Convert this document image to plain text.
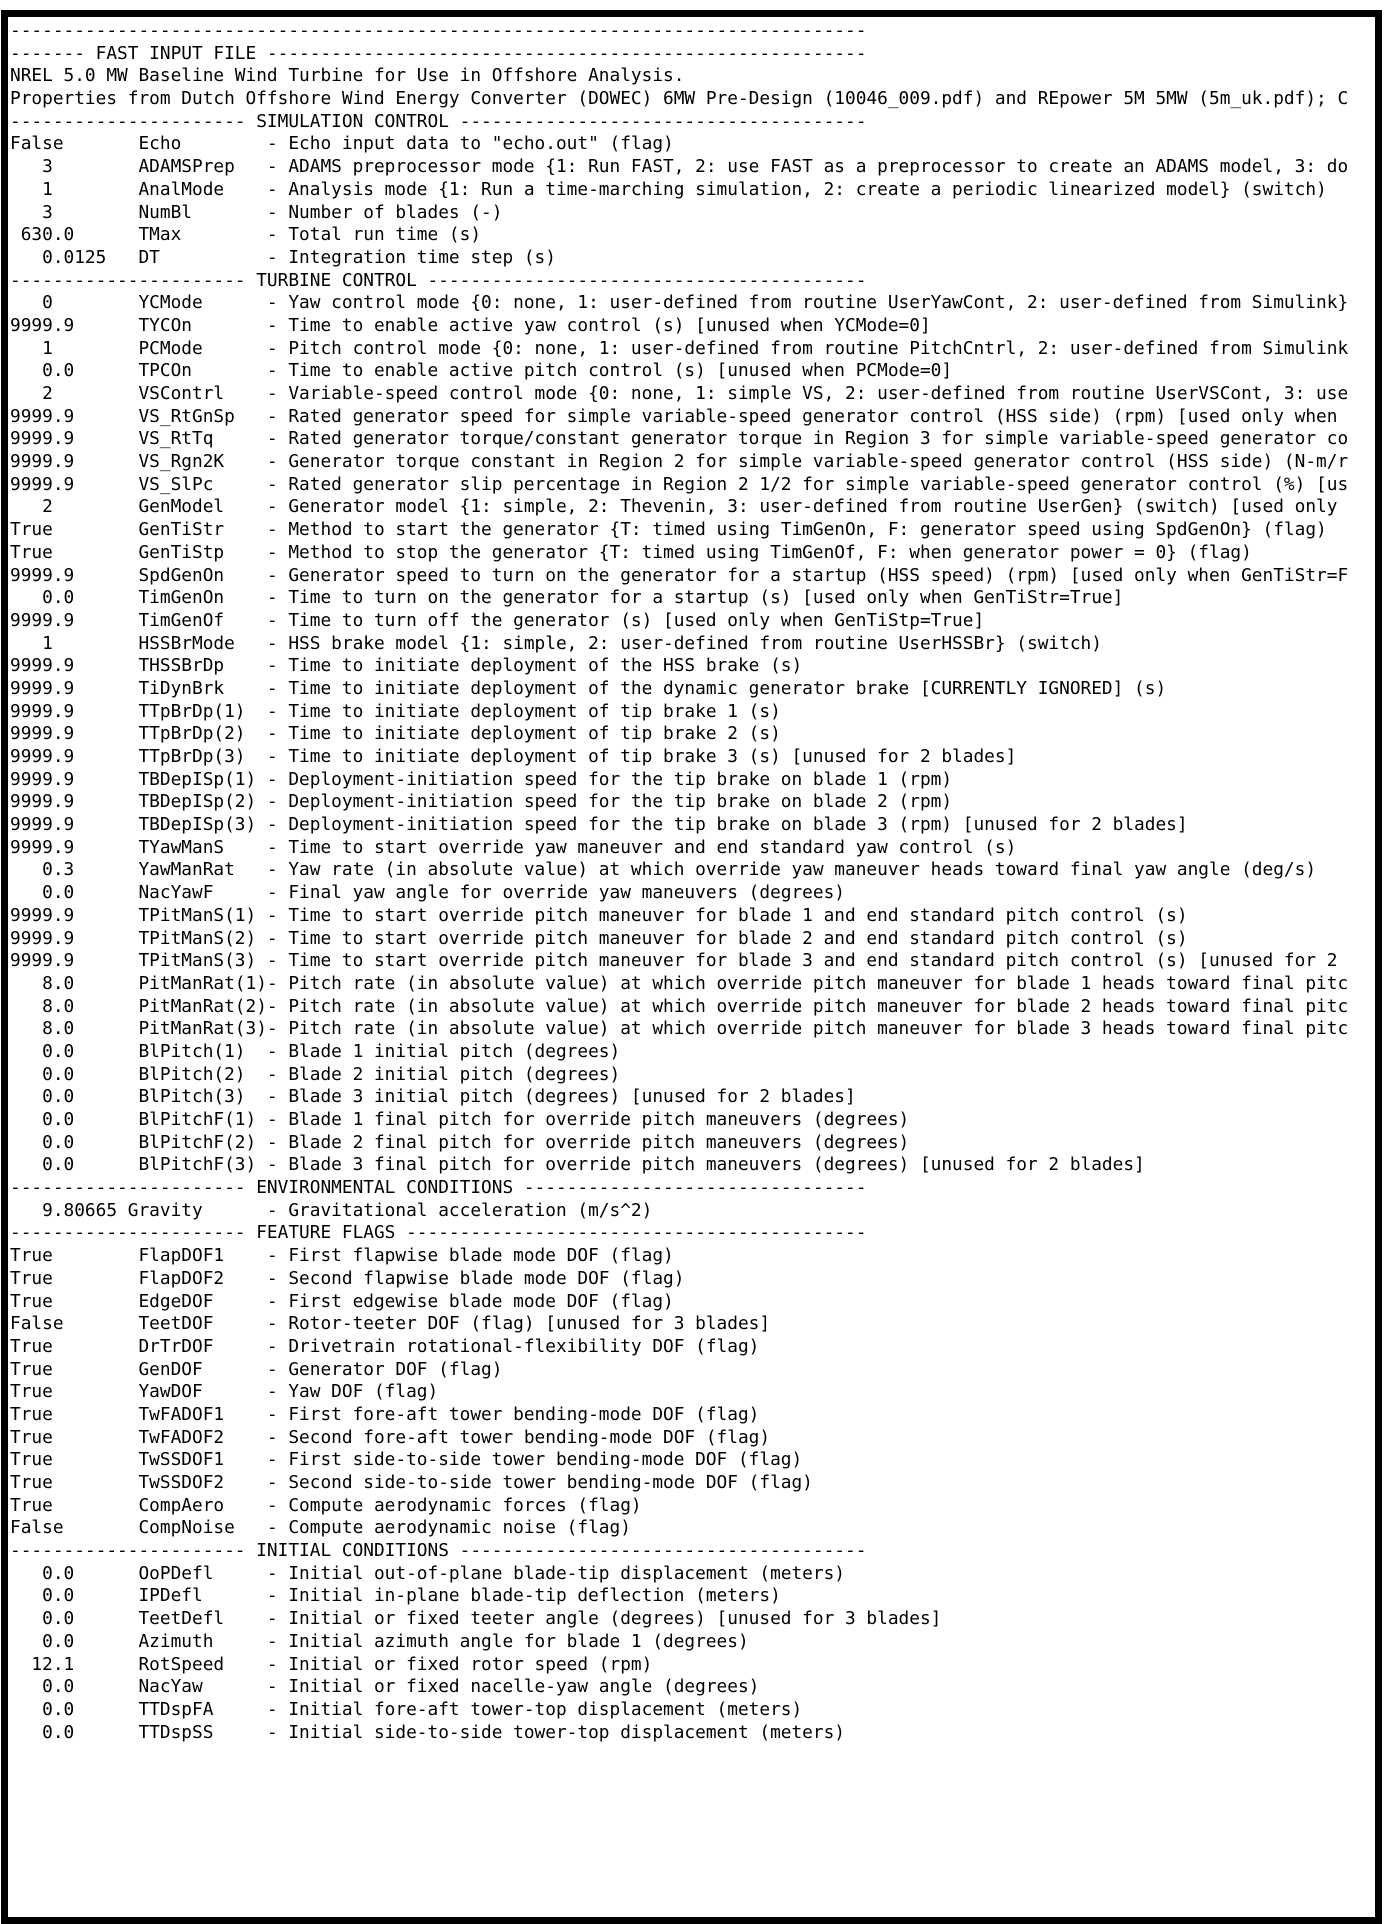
--------------------------------------------------------------------------------
------- FAST INPUT FILE --------------------------------------------------------
NREL 5.0 MW Baseline Wind Turbine for Use in Offshore Analysis.
Properties from Dutch Offshore Wind Energy Converter (DOWEC) 6MW Pre-Design (10046_009.pdf) and REpower 5M 5MW (5m_uk.pdf); C
---------------------- SIMULATION CONTROL --------------------------------------
False       Echo        - Echo input data to "echo.out" (flag)
3        ADAMSPrep   - ADAMS preprocessor mode {1: Run FAST, 2: use FAST as a preprocessor to create an ADAMS model, 3: do
1        AnalMode    - Analysis mode {1: Run a time-marching simulation, 2: create a periodic linearized model} (switch)
3        NumBl       - Number of blades (-)
630.0      TMax        - Total run time (s)
0.0125   DT          - Integration time step (s)
---------------------- TURBINE CONTROL -----------------------------------------
0        YCMode      - Yaw control mode {0: none, 1: user-defined from routine UserYawCont, 2: user-defined from Simulink}
9999.9      TYCOn       - Time to enable active yaw control (s) [unused when YCMode=0]
1        PCMode      - Pitch control mode {0: none, 1: user-defined from routine PitchCntrl, 2: user-defined from Simulink
0.0      TPCOn       - Time to enable active pitch control (s) [unused when PCMode=0]
2        VSContrl    - Variable-speed control mode {0: none, 1: simple VS, 2: user-defined from routine UserVSCont, 3: use
9999.9      VS_RtGnSp   - Rated generator speed for simple variable-speed generator control (HSS side) (rpm) [used only when
9999.9      VS_RtTq     - Rated generator torque/constant generator torque in Region 3 for simple variable-speed generator co
9999.9      VS_Rgn2K    - Generator torque constant in Region 2 for simple variable-speed generator control (HSS side) (N-m/r
9999.9      VS_SlPc     - Rated generator slip percentage in Region 2 1/2 for simple variable-speed generator control (%) [us
2        GenModel    - Generator model {1: simple, 2: Thevenin, 3: user-defined from routine UserGen} (switch) [used only
True        GenTiStr    - Method to start the generator {T: timed using TimGenOn, F: generator speed using SpdGenOn} (flag)
True        GenTiStp    - Method to stop the generator {T: timed using TimGenOf, F: when generator power = 0} (flag)
9999.9      SpdGenOn    - Generator speed to turn on the generator for a startup (HSS speed) (rpm) [used only when GenTiStr=F
0.0      TimGenOn    - Time to turn on the generator for a startup (s) [used only when GenTiStr=True]
9999.9      TimGenOf    - Time to turn off the generator (s) [used only when GenTiStp=True]
1        HSSBrMode   - HSS brake model {1: simple, 2: user-defined from routine UserHSSBr} (switch)
9999.9      THSSBrDp    - Time to initiate deployment of the HSS brake (s)
9999.9      TiDynBrk    - Time to initiate deployment of the dynamic generator brake [CURRENTLY IGNORED] (s)
9999.9      TTpBrDp(1)  - Time to initiate deployment of tip brake 1 (s)
9999.9      TTpBrDp(2)  - Time to initiate deployment of tip brake 2 (s)
9999.9      TTpBrDp(3)  - Time to initiate deployment of tip brake 3 (s) [unused for 2 blades]
9999.9      TBDepISp(1) - Deployment-initiation speed for the tip brake on blade 1 (rpm)
9999.9      TBDepISp(2) - Deployment-initiation speed for the tip brake on blade 2 (rpm)
9999.9      TBDepISp(3) - Deployment-initiation speed for the tip brake on blade 3 (rpm) [unused for 2 blades]
9999.9      TYawManS    - Time to start override yaw maneuver and end standard yaw control (s)
0.3      YawManRat   - Yaw rate (in absolute value) at which override yaw maneuver heads toward final yaw angle (deg/s)
0.0      NacYawF     - Final yaw angle for override yaw maneuvers (degrees)
9999.9      TPitManS(1) - Time to start override pitch maneuver for blade 1 and end standard pitch control (s)
9999.9      TPitManS(2) - Time to start override pitch maneuver for blade 2 and end standard pitch control (s)
9999.9      TPitManS(3) - Time to start override pitch maneuver for blade 3 and end standard pitch control (s) [unused for 2
8.0      PitManRat(1)- Pitch rate (in absolute value) at which override pitch maneuver for blade 1 heads toward final pitc
8.0      PitManRat(2)- Pitch rate (in absolute value) at which override pitch maneuver for blade 2 heads toward final pitc
8.0      PitManRat(3)- Pitch rate (in absolute value) at which override pitch maneuver for blade 3 heads toward final pitc
0.0      BlPitch(1)  - Blade 1 initial pitch (degrees)
0.0      BlPitch(2)  - Blade 2 initial pitch (degrees)
0.0      BlPitch(3)  - Blade 3 initial pitch (degrees) [unused for 2 blades]
0.0      BlPitchF(1) - Blade 1 final pitch for override pitch maneuvers (degrees)
0.0      BlPitchF(2) - Blade 2 final pitch for override pitch maneuvers (degrees)
0.0      BlPitchF(3) - Blade 3 final pitch for override pitch maneuvers (degrees) [unused for 2 blades]
---------------------- ENVIRONMENTAL CONDITIONS --------------------------------
9.80665 Gravity      - Gravitational acceleration (m/s^2)
---------------------- FEATURE FLAGS -------------------------------------------
True        FlapDOF1    - First flapwise blade mode DOF (flag)
True        FlapDOF2    - Second flapwise blade mode DOF (flag)
True        EdgeDOF     - First edgewise blade mode DOF (flag)
False       TeetDOF     - Rotor-teeter DOF (flag) [unused for 3 blades]
True        DrTrDOF     - Drivetrain rotational-flexibility DOF (flag)
True        GenDOF      - Generator DOF (flag)
True        YawDOF      - Yaw DOF (flag)
True        TwFADOF1    - First fore-aft tower bending-mode DOF (flag)
True        TwFADOF2    - Second fore-aft tower bending-mode DOF (flag)
True        TwSSDOF1    - First side-to-side tower bending-mode DOF (flag)
True        TwSSDOF2    - Second side-to-side tower bending-mode DOF (flag)
True        CompAero    - Compute aerodynamic forces (flag)
False       CompNoise   - Compute aerodynamic noise (flag)
---------------------- INITIAL CONDITIONS --------------------------------------
0.0      OoPDefl     - Initial out-of-plane blade-tip displacement (meters)
0.0      IPDefl      - Initial in-plane blade-tip deflection (meters)
0.0      TeetDefl    - Initial or fixed teeter angle (degrees) [unused for 3 blades]
0.0      Azimuth     - Initial azimuth angle for blade 1 (degrees)
12.1      RotSpeed    - Initial or fixed rotor speed (rpm)
0.0      NacYaw      - Initial or fixed nacelle-yaw angle (degrees)
0.0      TTDspFA     - Initial fore-aft tower-top displacement (meters)
0.0      TTDspSS     - Initial side-to-side tower-top displacement (meters)
